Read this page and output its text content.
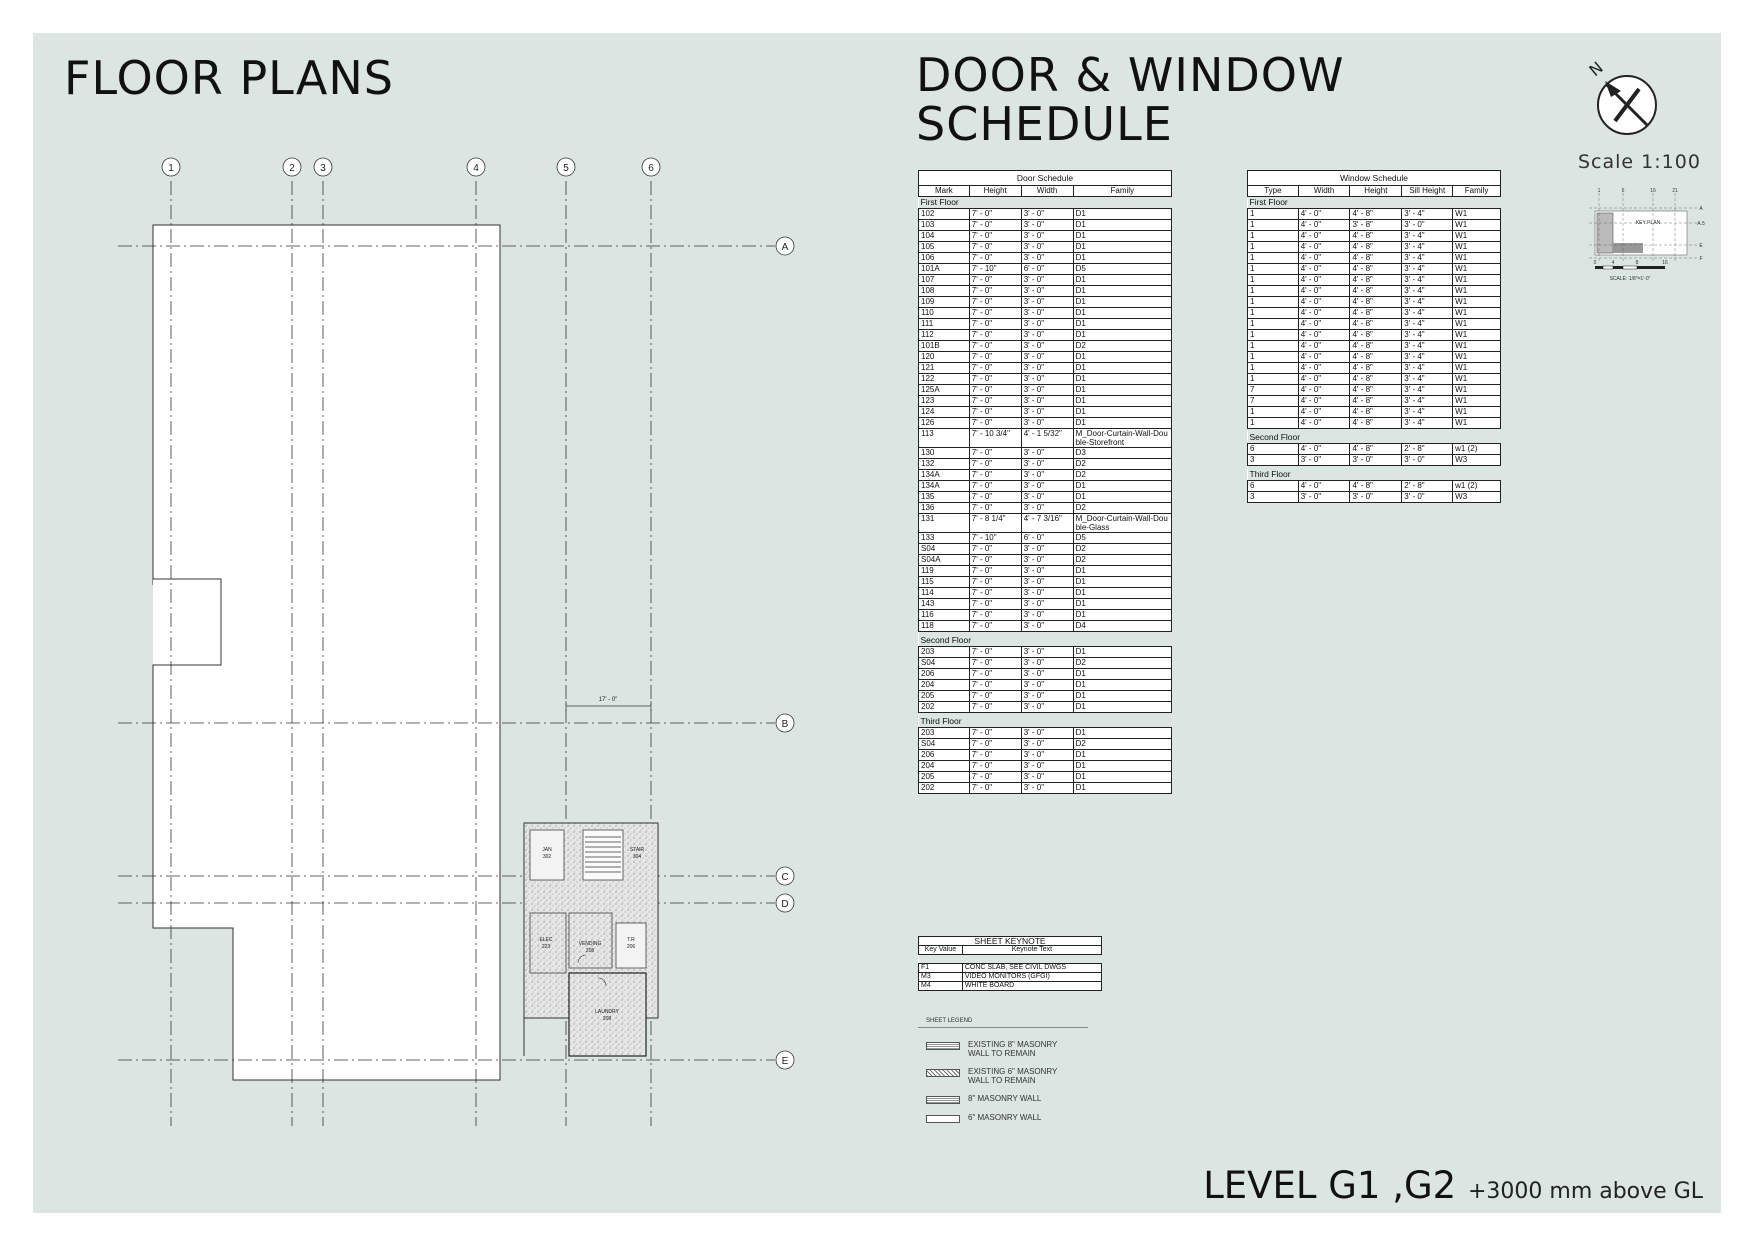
1	2	3	4	5	6
A
B
C
D
E
17' - 0"
JAN
302
STAIR
304
ELEC
223	VENDING
208
T.R
206
LAUNDRY
208
N
KEY PLAN
SCALE: 1/8"=1'-0"
1	6	16	21
A
A.5
E
F
0	4	8	16
FLOOR PLANS	DOOR & WINDOW
SCHEDULE
Scale 1:100
Door Schedule			
Mark	Height	Width	Family
First Floor			
102	7' - 0"	3' - 0"	D1
103	7' - 0"	3' - 0"	D1
104	7' - 0"	3' - 0"	D1
105	7' - 0"	3' - 0"	D1
106	7' - 0"	3' - 0"	D1
101A	7' - 10"	6' - 0"	D5
107	7' - 0"	3' - 0"	D1
108	7' - 0"	3' - 0"	D1
109	7' - 0"	3' - 0"	D1
110	7' - 0"	3' - 0"	D1
111	7' - 0"	3' - 0"	D1
112	7' - 0"	3' - 0"	D1
101B	7' - 0"	3' - 0"	D2
120	7' - 0"	3' - 0"	D1
121	7' - 0"	3' - 0"	D1
122	7' - 0"	3' - 0"	D1
125A	7' - 0"	3' - 0"	D1
123	7' - 0"	3' - 0"	D1
124	7' - 0"	3' - 0"	D1
126	7' - 0"	3' - 0"	D1
113	7' - 10 3/4"	4' - 1 5/32"	M_Door-Curtain-Wall-Double-Storefront
130	7' - 0"	3' - 0"	D3
132	7' - 0"	3' - 0"	D2
134A	7' - 0"	3' - 0"	D2
134A	7' - 0"	3' - 0"	D1
135	7' - 0"	3' - 0"	D1
136	7' - 0"	3' - 0"	D2
131	7' - 8 1/4"	4' - 7 3/16"	M_Door-Curtain-Wall-Double-Glass
133	7' - 10"	6' - 0"	D5
S04	7' - 0"	3' - 0"	D2
S04A	7' - 0"	3' - 0"	D2
119	7' - 0"	3' - 0"	D1
115	7' - 0"	3' - 0"	D1
114	7' - 0"	3' - 0"	D1
143	7' - 0"	3' - 0"	D1
116	7' - 0"	3' - 0"	D1
118	7' - 0"	3' - 0"	D4

Second Floor			
203	7' - 0"	3' - 0"	D1
S04	7' - 0"	3' - 0"	D2
206	7' - 0"	3' - 0"	D1
204	7' - 0"	3' - 0"	D1
205	7' - 0"	3' - 0"	D1
202	7' - 0"	3' - 0"	D1

Third Floor			
203	7' - 0"	3' - 0"	D1
S04	7' - 0"	3' - 0"	D2
206	7' - 0"	3' - 0"	D1
204	7' - 0"	3' - 0"	D1
205	7' - 0"	3' - 0"	D1
202	7' - 0"	3' - 0"	D1
Window Schedule				
Type	Width	Height	Sill Height	Family
First Floor				
1	4' - 0"	4' - 8"	3' - 4"	W1
1	4' - 0"	3' - 8"	3' - 0"	W1
1	4' - 0"	4' - 8"	3' - 4"	W1
1	4' - 0"	4' - 8"	3' - 4"	W1
1	4' - 0"	4' - 8"	3' - 4"	W1
1	4' - 0"	4' - 8"	3' - 4"	W1
1	4' - 0"	4' - 8"	3' - 4"	W1
1	4' - 0"	4' - 8"	3' - 4"	W1
1	4' - 0"	4' - 8"	3' - 4"	W1
1	4' - 0"	4' - 8"	3' - 4"	W1
1	4' - 0"	4' - 8"	3' - 4"	W1
1	4' - 0"	4' - 8"	3' - 4"	W1
1	4' - 0"	4' - 8"	3' - 4"	W1
1	4' - 0"	4' - 8"	3' - 4"	W1
1	4' - 0"	4' - 8"	3' - 4"	W1
1	4' - 0"	4' - 8"	3' - 4"	W1
7	4' - 0"	4' - 8"	3' - 4"	W1
7	4' - 0"	4' - 8"	3' - 4"	W1
1	4' - 0"	4' - 8"	3' - 4"	W1
1	4' - 0"	4' - 8"	3' - 4"	W1

Second Floor				
6	4' - 0"	4' - 8"	2' - 8"	w1 (2)
3	3' - 0"	3' - 0"	3' - 0"	W3

Third Floor				
6	4' - 0"	4' - 8"	2' - 8"	w1 (2)
3	3' - 0"	3' - 0"	3' - 0"	W3
SHEET KEYNOTE	
Key Value	Keynote Text

F1	CONC SLAB, SEE CIVIL DWGS
M3	VIDEO MONITORS (GFGI)
M4	WHITE BOARD
SHEET LEGEND
EXISTING 8" MASONRY WALL TO REMAIN
EXISTING 6" MASONRY WALL TO REMAIN
8" MASONRY WALL
6" MASONRY WALL
LEVEL G1 ,G2 +3000 mm above GL
